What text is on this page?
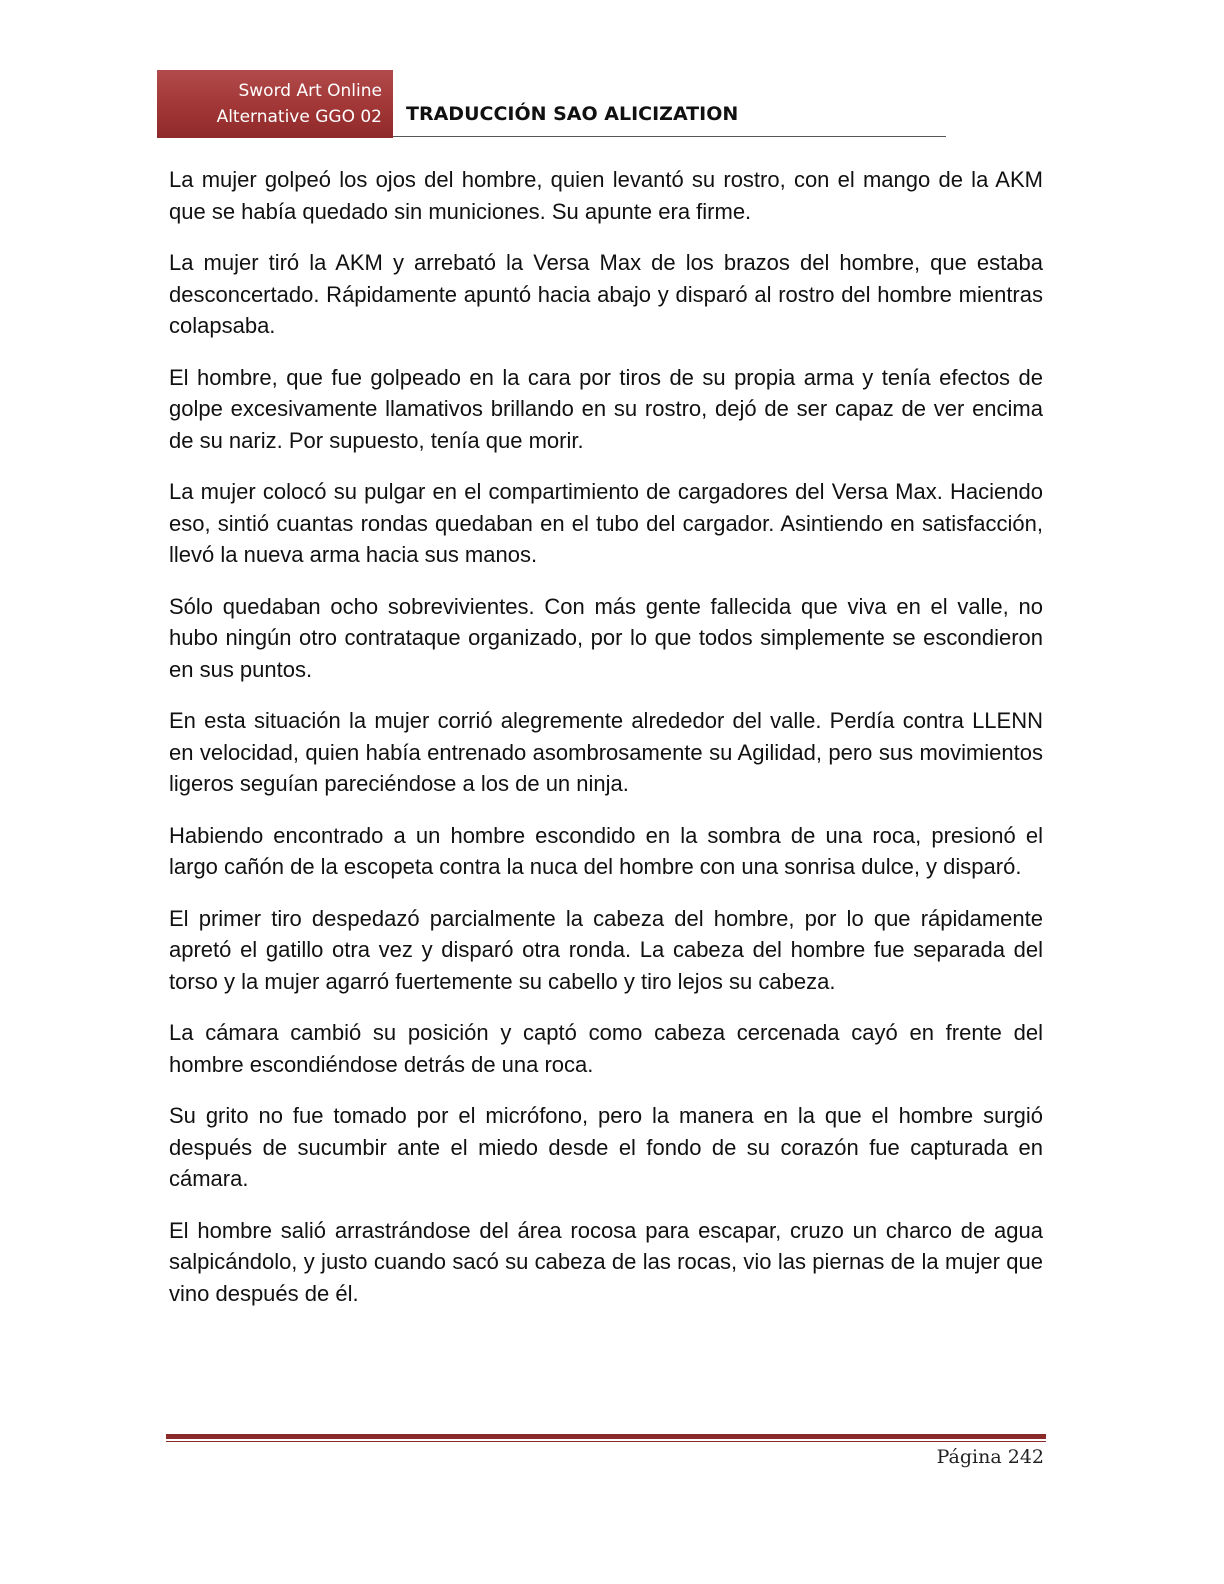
Sword Art Online
Alternative GGO 02 TRADUCCIÓN SAO ALICIZATION

La mujer golpeó los ojos del hombre, quien levantó su rostro, con el mango de la AKM que se había quedado sin municiones. Su apunte era firme.

La mujer tiró la AKM y arrebató la Versa Max de los brazos del hombre, que estaba desconcertado. Rápidamente apuntó hacia abajo y disparó al rostro del hombre mientras colapsaba.

El hombre, que fue golpeado en la cara por tiros de su propia arma y tenía efectos de golpe excesivamente llamativos brillando en su rostro, dejó de ser capaz de ver encima de su nariz. Por supuesto, tenía que morir.

La mujer colocó su pulgar en el compartimiento de cargadores del Versa Max. Haciendo eso, sintió cuantas rondas quedaban en el tubo del cargador. Asintiendo en satisfacción, llevó la nueva arma hacia sus manos.

Sólo quedaban ocho sobrevivientes. Con más gente fallecida que viva en el valle, no hubo ningún otro contrataque organizado, por lo que todos simplemente se escondieron en sus puntos.

En esta situación la mujer corrió alegremente alrededor del valle. Perdía contra LLENN en velocidad, quien había entrenado asombrosamente su Agilidad, pero sus movimientos ligeros seguían pareciéndose a los de un ninja.

Habiendo encontrado a un hombre escondido en la sombra de una roca, presionó el largo cañón de la escopeta contra la nuca del hombre con una sonrisa dulce, y disparó.

El primer tiro despedazó parcialmente la cabeza del hombre, por lo que rápidamente apretó el gatillo otra vez y disparó otra ronda. La cabeza del hombre fue separada del torso y la mujer agarró fuertemente su cabello y tiro lejos su cabeza.

La cámara cambió su posición y captó como cabeza cercenada cayó en frente del hombre escondiéndose detrás de una roca.

Su grito no fue tomado por el micrófono, pero la manera en la que el hombre surgió después de sucumbir ante el miedo desde el fondo de su corazón fue capturada en cámara.

El hombre salió arrastrándose del área rocosa para escapar, cruzo un charco de agua salpicándolo, y justo cuando sacó su cabeza de las rocas, vio las piernas de la mujer que vino después de él.

Página 242
